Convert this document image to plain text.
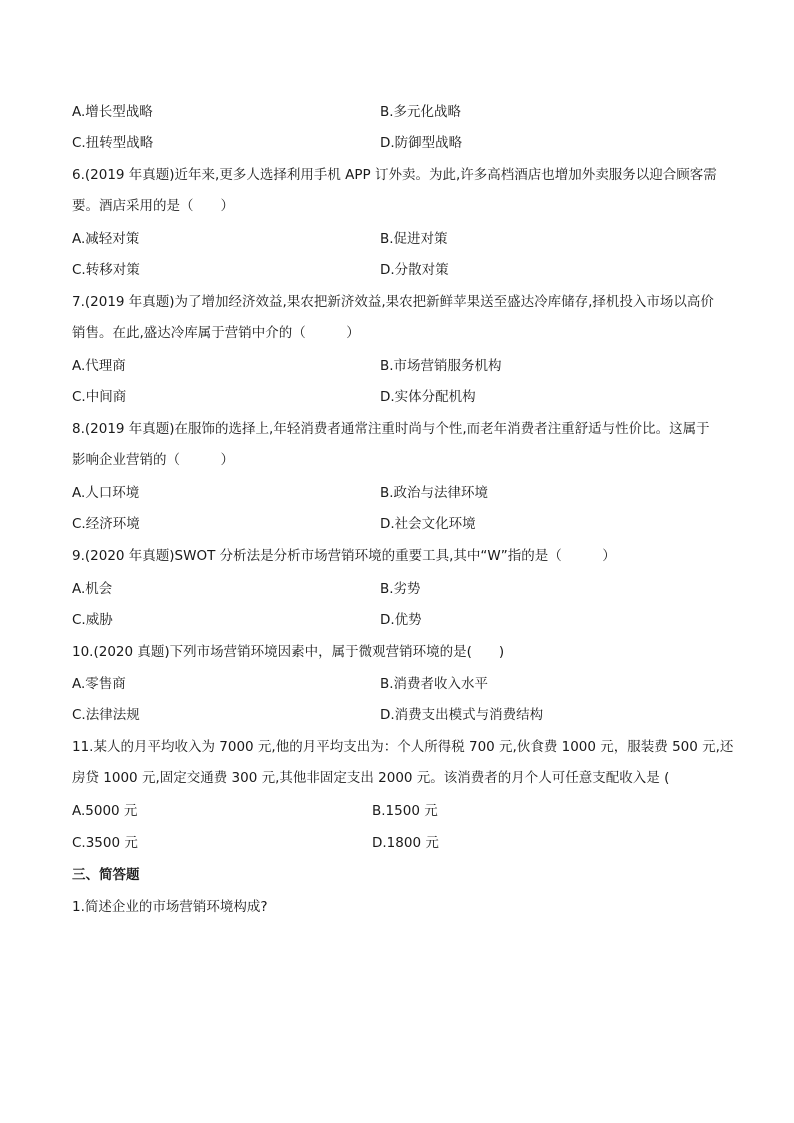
A.增长型战略	B.多元化战略
C.扭转型战略	D.防御型战略
6.(2019 年真题)近年来,更多人选择利用手机 APP 订外卖。为此,许多高档酒店也增加外卖服务以迎合顾客需
要。酒店采用的是（　　）
A.减轻对策	B.促进对策
C.转移对策	D.分散对策
7.(2019 年真题)为了增加经济效益,果农把新济效益,果农把新鲜苹果送至盛达冷库储存,择机投入市场以高价
销售。在此,盛达冷库属于营销中介的（　　　）
A.代理商	B.市场营销服务机构
C.中间商	D.实体分配机构
8.(2019 年真题)在服饰的选择上,年轻消费者通常注重时尚与个性,而老年消费者注重舒适与性价比。这属于
影响企业营销的（　　　）
A.人口环境	B.政治与法律环境
C.经济环境	D.社会文化环境
9.(2020 年真题)SWOT 分析法是分析市场营销环境的重要工具,其中“W”指的是（　　　）
A.机会	B.劣势
C.威胁	D.优势
10.(2020 真题)下列市场营销环境因素中，属于微观营销环境的是(　　)
A.零售商	B.消费者收入水平
C.法律法规	D.消费支出模式与消费结构
11.某人的月平均收入为 7000 元,他的月平均支出为：个人所得税 700 元,伙食费 1000 元，服装费 500 元,还
房贷 1000 元,固定交通费 300 元,其他非固定支出 2000 元。该消费者的月个人可任意支配收入是 (
A.5000 元	B.1500 元
C.3500 元	D.1800 元
三、简答题
1.简述企业的市场营销环境构成?
